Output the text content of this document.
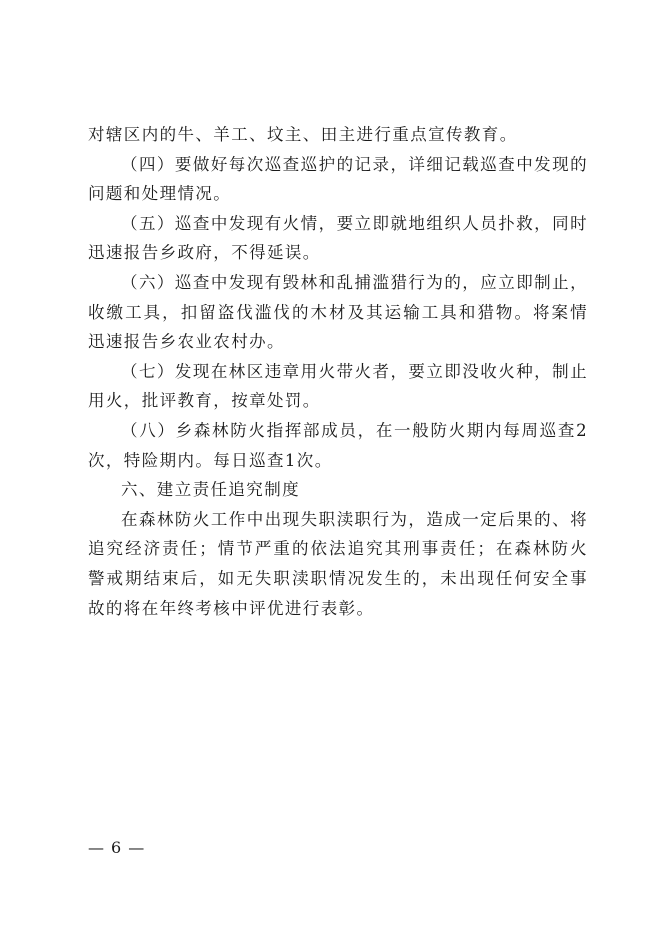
对辖区内的牛、羊工、坟主、田主进行重点宣传教育。

（四）要做好每次巡查巡护的记录，详细记载巡查中发现的问题和处理情况。

（五）巡查中发现有火情，要立即就地组织人员扑救，同时迅速报告乡政府，不得延误。

（六）巡查中发现有毁林和乱捕滥猎行为的，应立即制止，收缴工具，扣留盗伐滥伐的木材及其运输工具和猎物。将案情迅速报告乡农业农村办。

（七）发现在林区违章用火带火者，要立即没收火种，制止用火，批评教育，按章处罚。

（八）乡森林防火指挥部成员，在一般防火期内每周巡查2次，特险期内。每日巡查1次。

六、建立责任追究制度

在森林防火工作中出现失职渎职行为，造成一定后果的、将追究经济责任；情节严重的依法追究其刑事责任；在森林防火警戒期结束后，如无失职渎职情况发生的，未出现任何安全事故的将在年终考核中评优进行表彰。

— 6 —
